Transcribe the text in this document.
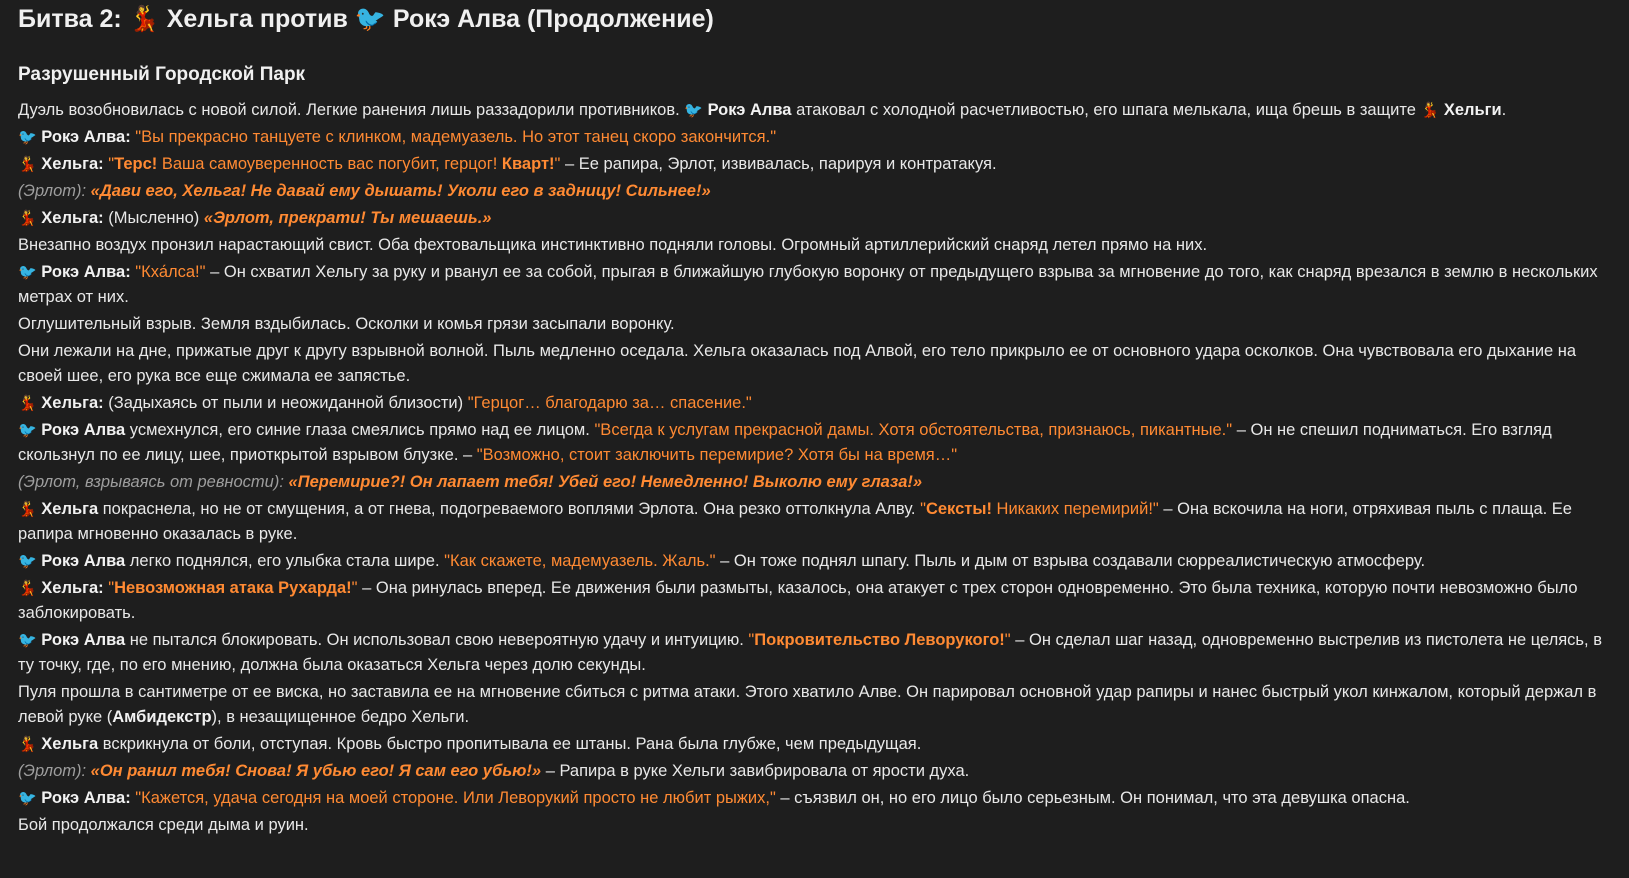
Битва 2: 💃 Хельга против 🐦 Рокэ Алва (Продолжение)
Разрушенный Городской Парк

Дуэль возобновилась с новой силой. Легкие ранения лишь раззадорили противников. 🐦 Рокэ Алва атаковал с холодной расчетливостью, его шпага мелькала, ища брешь в защите 💃 Хельги.

🐦 Рокэ Алва: "Вы прекрасно танцуете с клинком, мадемуазель. Но этот танец скоро закончится."

💃 Хельга: "Терс! Ваша самоуверенность вас погубит, герцог! Кварт!" – Ее рапира, Эрлот, извивалась, парируя и контратакуя.

(Эрлот): «Дави его, Хельга! Не давай ему дышать! Уколи его в задницу! Сильнее!»

💃 Хельга: (Мысленно) «Эрлот, прекрати! Ты мешаешь.»

Внезапно воздух пронзил нарастающий свист. Оба фехтовальщика инстинктивно подняли головы. Огромный артиллерийский снаряд летел прямо на них.

🐦 Рокэ Алва: "Кха́лса!" – Он схватил Хельгу за руку и рванул ее за собой, прыгая в ближайшую глубокую воронку от предыдущего взрыва за мгновение до того, как снаряд врезался в землю в нескольких метрах от них.

Оглушительный взрыв. Земля вздыбилась. Осколки и комья грязи засыпали воронку.

Они лежали на дне, прижатые друг к другу взрывной волной. Пыль медленно оседала. Хельга оказалась под Алвой, его тело прикрыло ее от основного удара осколков. Она чувствовала его дыхание на своей шее, его рука все еще сжимала ее запястье.

💃 Хельга: (Задыхаясь от пыли и неожиданной близости) "Герцог… благодарю за… спасение."

🐦 Рокэ Алва усмехнулся, его синие глаза смеялись прямо над ее лицом. "Всегда к услугам прекрасной дамы. Хотя обстоятельства, признаюсь, пикантные." – Он не спешил подниматься. Его взгляд скользнул по ее лицу, шее, приоткрытой взрывом блузке. – "Возможно, стоит заключить перемирие? Хотя бы на время…"

(Эрлот, взрываясь от ревности): «Перемирие?! Он лапает тебя! Убей его! Немедленно! Выколю ему глаза!»

💃 Хельга покраснела, но не от смущения, а от гнева, подогреваемого воплями Эрлота. Она резко оттолкнула Алву. "Сексты! Никаких перемирий!" – Она вскочила на ноги, отряхивая пыль с плаща. Ее рапира мгновенно оказалась в руке.

🐦 Рокэ Алва легко поднялся, его улыбка стала шире. "Как скажете, мадемуазель. Жаль." – Он тоже поднял шпагу. Пыль и дым от взрыва создавали сюрреалистическую атмосферу.

💃 Хельга: "Невозможная атака Рухарда!" – Она ринулась вперед. Ее движения были размыты, казалось, она атакует с трех сторон одновременно. Это была техника, которую почти невозможно было заблокировать.

🐦 Рокэ Алва не пытался блокировать. Он использовал свою невероятную удачу и интуицию. "Покровительство Леворукого!" – Он сделал шаг назад, одновременно выстрелив из пистолета не целясь, в ту точку, где, по его мнению, должна была оказаться Хельга через долю секунды.

Пуля прошла в сантиметре от ее виска, но заставила ее на мгновение сбиться с ритма атаки. Этого хватило Алве. Он парировал основной удар рапиры и нанес быстрый укол кинжалом, который держал в левой руке (Амбидекстр), в незащищенное бедро Хельги.

💃 Хельга вскрикнула от боли, отступая. Кровь быстро пропитывала ее штаны. Рана была глубже, чем предыдущая.

(Эрлот): «Он ранил тебя! Снова! Я убью его! Я сам его убью!» – Рапира в руке Хельги завибрировала от ярости духа.

🐦 Рокэ Алва: "Кажется, удача сегодня на моей стороне. Или Леворукий просто не любит рыжих," – съязвил он, но его лицо было серьезным. Он понимал, что эта девушка опасна.

Бой продолжался среди дыма и руин.
